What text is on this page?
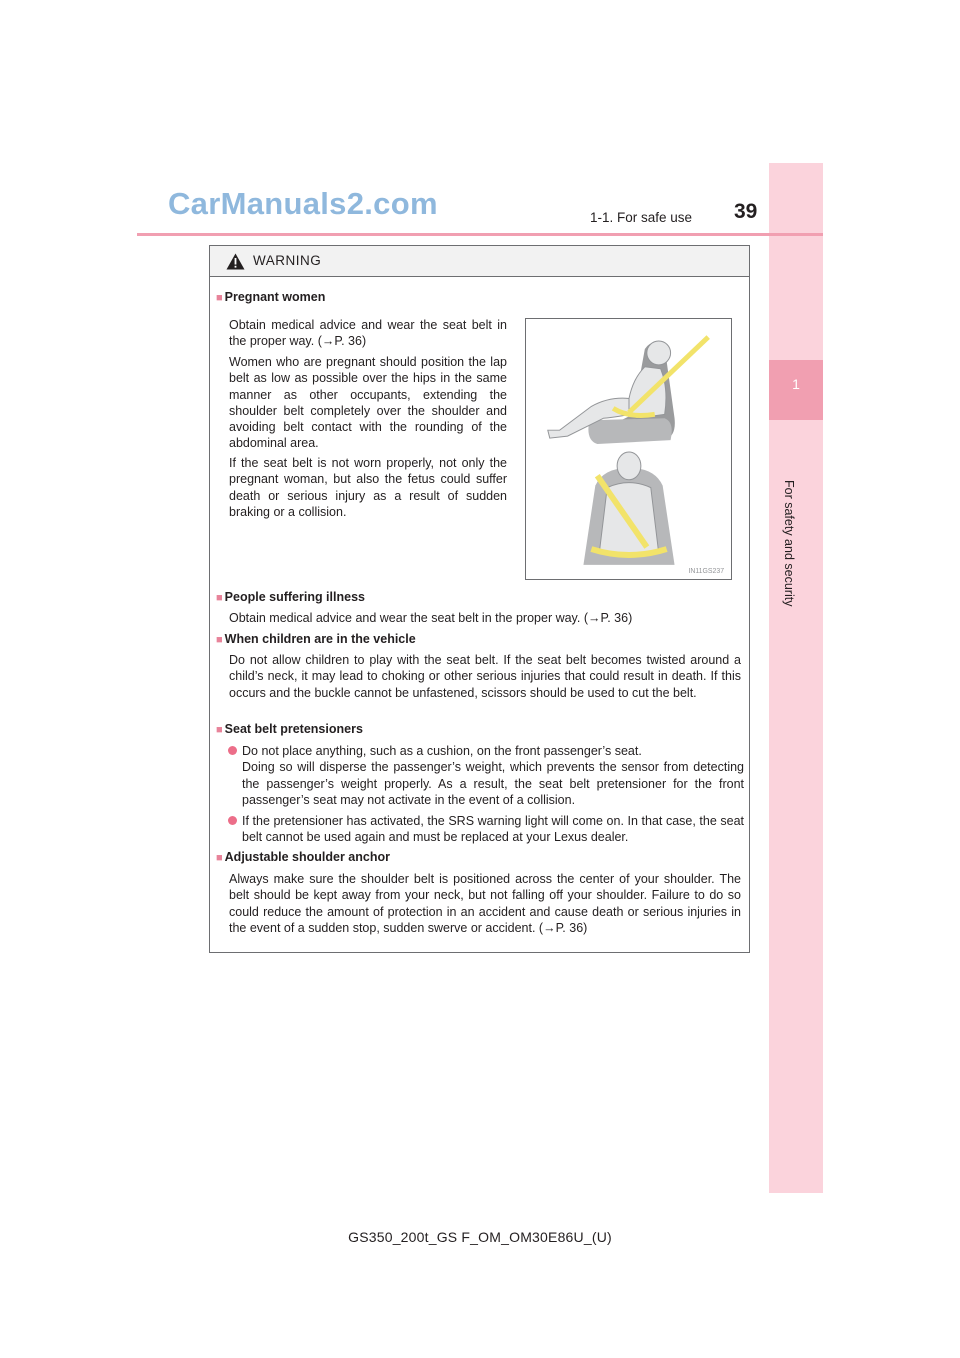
1
For safety and security
CarManuals2.com	1-1. For safe use 39
WARNING
■ Pregnant women
Obtain medical advice and wear the seat belt in the proper way. (→P. 36)
Women who are pregnant should position the lap belt as low as possible over the hips in the same manner as other occupants, extending the shoulder belt completely over the shoulder and avoiding belt contact with the rounding of the abdominal area.
If the seat belt is not worn properly, not only the pregnant woman, but also the fetus could suffer death or serious injury as a result of sudden braking or a collision.
IN11GS237
■ People suffering illness
Obtain medical advice and wear the seat belt in the proper way. (→P. 36)
■ When children are in the vehicle
Do not allow children to play with the seat belt. If the seat belt becomes twisted around a child’s neck, it may lead to choking or other serious injuries that could result in death. If this occurs and the buckle cannot be unfastened, scissors should be used to cut the belt.
■ Seat belt pretensioners
Do not place anything, such as a cushion, on the front passenger’s seat.
Doing so will disperse the passenger’s weight, which prevents the sensor from detecting the passenger’s weight properly. As a result, the seat belt pretensioner for the front passenger’s seat may not activate in the event of a collision.
If the pretensioner has activated, the SRS warning light will come on. In that case, the seat belt cannot be used again and must be replaced at your Lexus dealer.
■ Adjustable shoulder anchor
Always make sure the shoulder belt is positioned across the center of your shoulder. The belt should be kept away from your neck, but not falling off your shoulder. Failure to do so could reduce the amount of protection in an accident and cause death or serious injuries in the event of a sudden stop, sudden swerve or accident. (→P. 36)
GS350_200t_GS F_OM_OM30E86U_(U)
